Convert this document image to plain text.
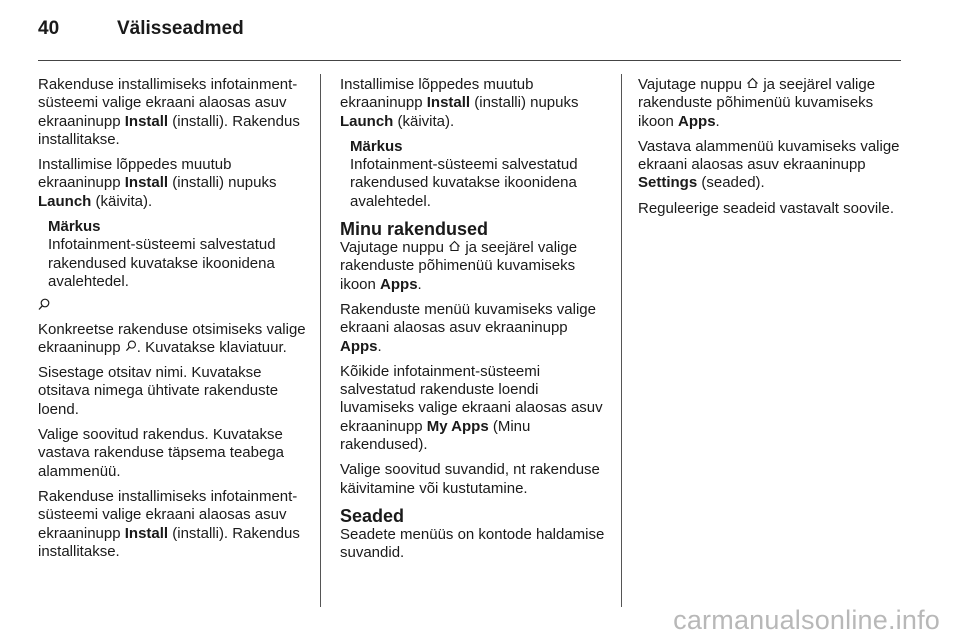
40	Välisseadmed

Rakenduse installimiseks infotainment-süsteemi valige ekraani alaosas asuv ekraaninupp Install (installi). Rakendus installitakse.

Installimise lõppedes muutub ekraaninupp Install (installi) nupuks Launch (käivita).

Märkus
Infotainment-süsteemi salvestatud rakendused kuvatakse ikoonidena avalehtedel.

Konkreetse rakenduse otsimiseks valige ekraaninupp . Kuvatakse klaviatuur.

Sisestage otsitav nimi. Kuvatakse otsitava nimega ühtivate rakenduste loend.

Valige soovitud rakendus. Kuvatakse vastava rakenduse täpsema teabega alammenüü.

Rakenduse installimiseks infotainment-süsteemi valige ekraani alaosas asuv ekraaninupp Install (installi). Rakendus installitakse.

Installimise lõppedes muutub ekraaninupp Install (installi) nupuks Launch (käivita).

Märkus
Infotainment-süsteemi salvestatud rakendused kuvatakse ikoonidena avalehtedel.
Minu rakendused

Vajutage nuppu  ja seejärel valige rakenduste põhimenüü kuvamiseks ikoon Apps.

Rakenduste menüü kuvamiseks valige ekraani alaosas asuv ekraaninupp Apps.

Kõikide infotainment-süsteemi salvestatud rakenduste loendi luvamiseks valige ekraani alaosas asuv ekraaninupp My Apps (Minu rakendused).

Valige soovitud suvandid, nt rakenduse käivitamine või kustutamine.

Seaded

Seadete menüüs on kontode haldamise suvandid.

Vajutage nuppu  ja seejärel valige rakenduste põhimenüü kuvamiseks ikoon Apps.

Vastava alammenüü kuvamiseks valige ekraani alaosas asuv ekraaninupp Settings (seaded).

Reguleerige seadeid vastavalt soovile.

carmanualsonline.info
